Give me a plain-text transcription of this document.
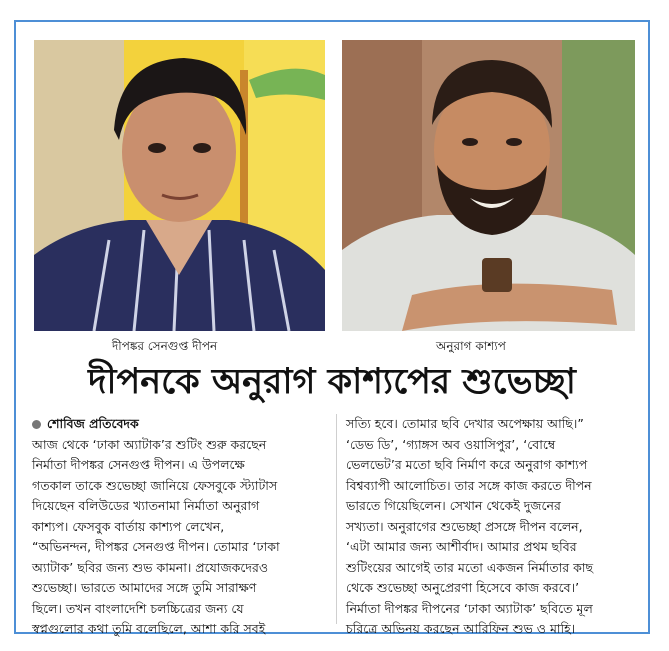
দীপঙ্কর সেনগুপ্ত দীপন	অনুরাগ কাশ্যপ
দীপনকে অনুরাগ কাশ্যপের শুভেচ্ছা
শোবিজ প্রতিবেদক

আজ থেকে ‘ঢাকা অ্যাটাক’র শুটিং শুরু করছেন

নির্মাতা দীপঙ্কর সেনগুপ্ত দীপন। এ উপলক্ষে

গতকাল তাকে শুভেচ্ছা জানিয়ে ফেসবুকে স্ট্যাটাস

দিয়েছেন বলিউডের খ্যাতনামা নির্মাতা অনুরাগ

কাশ্যপ। ফেসবুক বার্তায় কাশ্যপ লেখেন,

“অভিনন্দন, দীপঙ্কর সেনগুপ্ত দীপন। তোমার ‘ঢাকা

অ্যাটাক’ ছবির জন্য শুভ কামনা। প্রযোজকদেরও

শুভেচ্ছা। ভারতে আমাদের সঙ্গে তুমি সারাক্ষণ

ছিলে। তখন বাংলাদেশি চলচ্চিত্রের জন্য যে

স্বপ্নগুলোর কথা তুমি বলেছিলে, আশা করি সবই

সত্যি হবে। তোমার ছবি দেখার অপেক্ষায় আছি।”

‘ডেভ ডি’, ‘গ্যাঙ্গস অব ওয়াসিপুর’, ‘বোম্বে

ভেলভেট’র মতো ছবি নির্মাণ করে অনুরাগ কাশ্যপ

বিশ্বব্যাপী আলোচিত। তার সঙ্গে কাজ করতে দীপন

ভারতে গিয়েছিলেন। সেখান থেকেই দুজনের

সখ্যতা। অনুরাগের শুভেচ্ছা প্রসঙ্গে দীপন বলেন,

‘এটা আমার জন্য আশীর্বাদ। আমার প্রথম ছবির

শুটিংয়ের আগেই তার মতো একজন নির্মাতার কাছ

থেকে শুভেচ্ছা অনুপ্রেরণা হিসেবে কাজ করবে।’

নির্মাতা দীপঙ্কর দীপনের ‘ঢাকা অ্যাটাক’ ছবিতে মূল

চরিত্রে অভিনয় করছেন আরিফিন শুভ ও মাহি।
